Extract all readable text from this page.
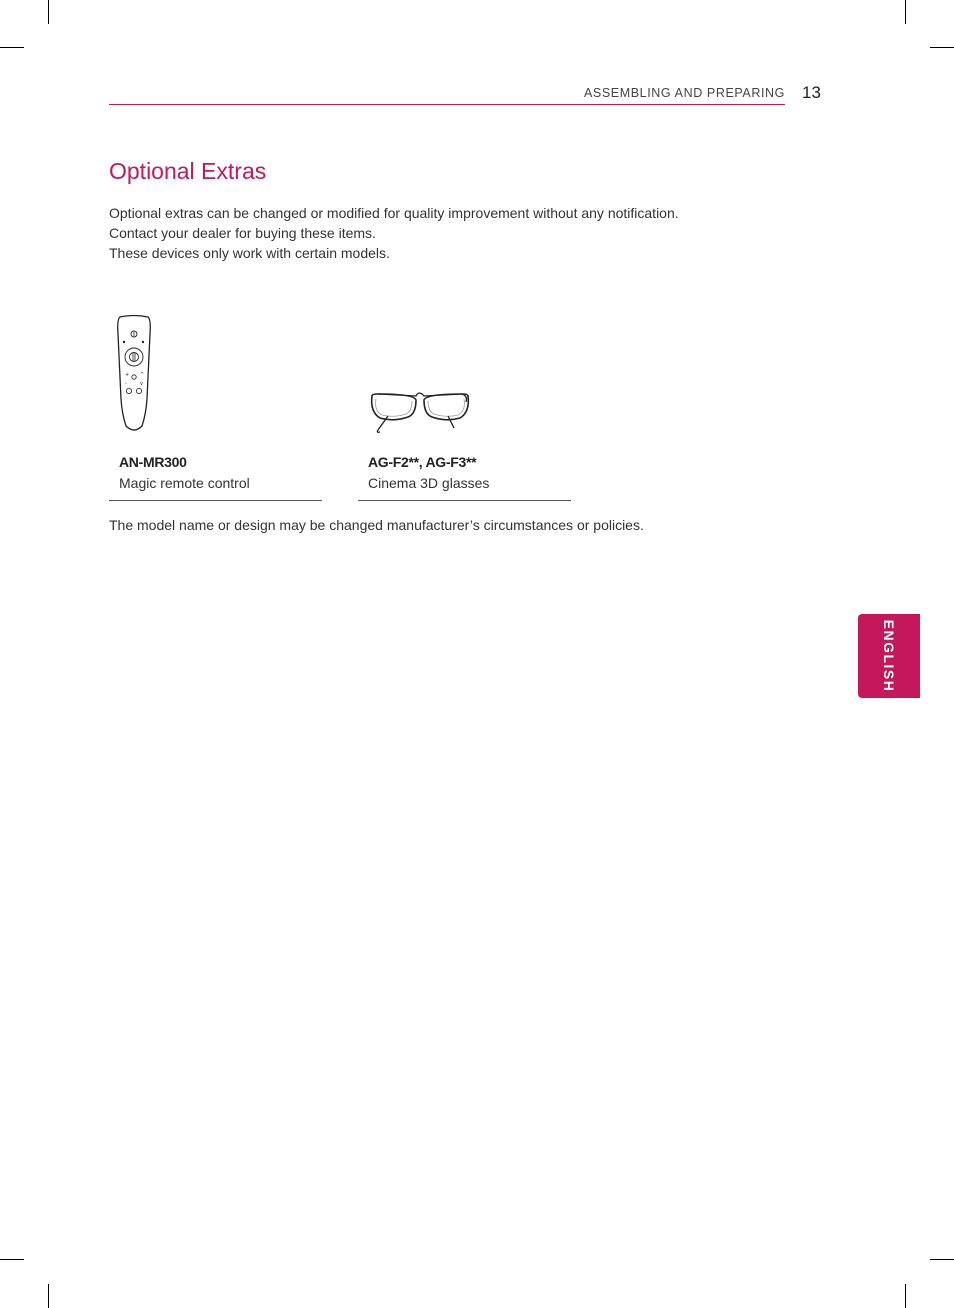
ASSEMBLING AND PREPARING 13
Optional Extras
Optional extras can be changed or modified for quality improvement without any notification.
Contact your dealer for buying these items.
These devices only work with certain models.
+ ^
-	v
AN-MR300
Magic remote control
AG-F2**, AG-F3**
Cinema 3D glasses
The model name or design may be changed manufacturer’s circumstances or policies.
ENGLISH
